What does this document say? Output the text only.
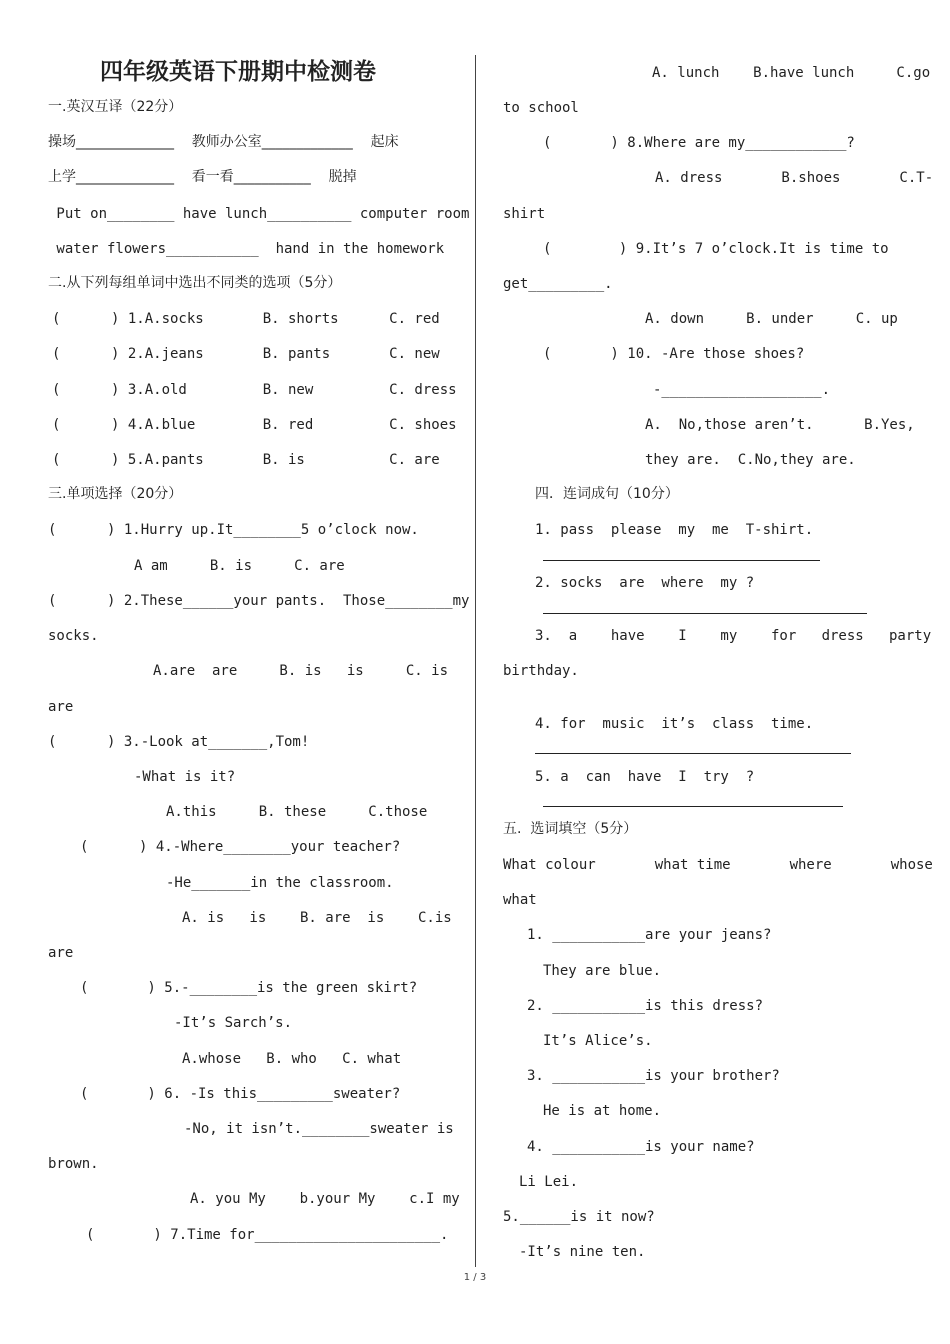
四年级英语下册期中检测卷
一.英汉互译（22分）
操场______________    教师办公室_____________    起床
上学______________    看一看___________    脱掉
Put on________ have lunch__________ computer room
water flowers___________  hand in the homework
二.从下列每组单词中选出不同类的选项（5分）
(      ) 1.A.socks       B. shorts      C. red
(      ) 2.A.jeans       B. pants       C. new
(      ) 3.A.old         B. new         C. dress
(      ) 4.A.blue        B. red         C. shoes
(      ) 5.A.pants       B. is          C. are
三.单项选择（20分）
(      ) 1.Hurry up.It________5 o’clock now.
A am     B. is     C. are
(      ) 2.These______your pants.  Those________my
socks.
A.are  are     B. is   is     C. is
are
(      ) 3.-Look at_______,Tom!
-What is it?
A.this     B. these     C.those
(      ) 4.-Where________your teacher?
-He_______in the classroom.
A. is   is    B. are  is    C.is
are
(       ) 5.-________is the green skirt?
-It’s Sarch’s.
A.whose   B. who   C. what
(       ) 6. -Is this_________sweater?
-No, it isn’t.________sweater is
brown.
A. you My    b.your My    c.I my
(       ) 7.Time for______________________.
A. lunch    B.have lunch     C.go
to school
(       ) 8.Where are my____________?
A. dress       B.shoes       C.T-
shirt
(        ) 9.It’s 7 o’clock.It is time to
get_________.
A. down     B. under     C. up
(       ) 10. -Are those shoes?
-___________________.
A.  No,those aren’t.      B.Yes,
they are.  C.No,they are.
四．连词成句（10分）
1. pass  please  my  me  T-shirt.
2. socks  are  where  my ?
3.  a    have    I    my    for   dress   party
birthday.
4. for  music  it’s  class  time.
5. a  can  have  I  try  ?
五.  选词填空（5分）
What colour       what time       where       whose
what
1. ___________are your jeans?
They are blue.
2. ___________is this dress?
It’s Alice’s.
3. ___________is your brother?
He is at home.
4. ___________is your name?
Li Lei.
5.______is it now?
-It’s nine ten.
1 / 3
